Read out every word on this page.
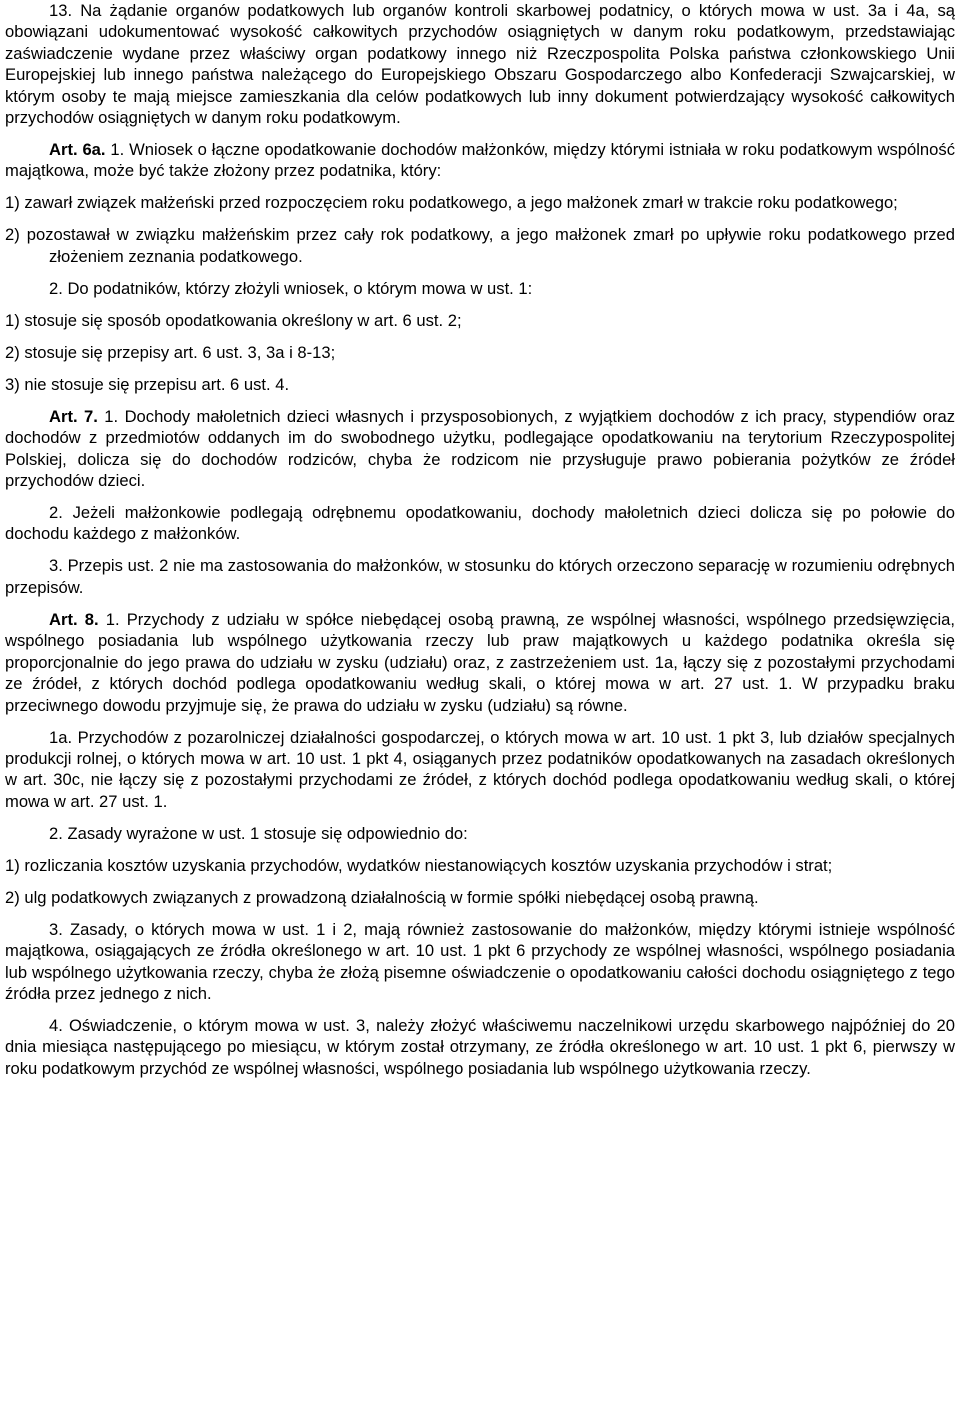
13. Na żądanie organów podatkowych lub organów kontroli skarbowej podatnicy, o których mowa w ust. 3a i 4a, są obowiązani udokumentować wysokość całkowitych przychodów osiągniętych w danym roku podatkowym, przedstawiając zaświadczenie wydane przez właściwy organ podatkowy innego niż Rzeczpospolita Polska państwa członkowskiego Unii Europejskiej lub innego państwa należącego do Europejskiego Obszaru Gospodarczego albo Konfederacji Szwajcarskiej, w którym osoby te mają miejsce zamieszkania dla celów podatkowych lub inny dokument potwierdzający wysokość całkowitych przychodów osiągniętych w danym roku podatkowym.

Art. 6a. 1. Wniosek o łączne opodatkowanie dochodów małżonków, między którymi istniała w roku podatkowym wspólność majątkowa, może być także złożony przez podatnika, który:

1) zawarł związek małżeński przed rozpoczęciem roku podatkowego, a jego małżonek zmarł w trakcie roku podatkowego;

2) pozostawał w związku małżeńskim przez cały rok podatkowy, a jego małżonek zmarł po upływie roku podatkowego przed złożeniem zeznania podatkowego.

2. Do podatników, którzy złożyli wniosek, o którym mowa w ust. 1:

1) stosuje się sposób opodatkowania określony w art. 6 ust. 2;

2) stosuje się przepisy art. 6 ust. 3, 3a i 8-13;

3) nie stosuje się przepisu art. 6 ust. 4.

Art. 7. 1. Dochody małoletnich dzieci własnych i przysposobionych, z wyjątkiem dochodów z ich pracy, stypendiów oraz dochodów z przedmiotów oddanych im do swobodnego użytku, podlegające opodatkowaniu na terytorium Rzeczypospolitej Polskiej, dolicza się do dochodów rodziców, chyba że rodzicom nie przysługuje prawo pobierania pożytków ze źródeł przychodów dzieci.

2. Jeżeli małżonkowie podlegają odrębnemu opodatkowaniu, dochody małoletnich dzieci dolicza się po połowie do dochodu każdego z małżonków.

3. Przepis ust. 2 nie ma zastosowania do małżonków, w stosunku do których orzeczono separację w rozumieniu odrębnych przepisów.

Art. 8. 1. Przychody z udziału w spółce niebędącej osobą prawną, ze wspólnej własności, wspólnego przedsięwzięcia, wspólnego posiadania lub wspólnego użytkowania rzeczy lub praw majątkowych u każdego podatnika określa się proporcjonalnie do jego prawa do udziału w zysku (udziału) oraz, z zastrzeżeniem ust. 1a, łączy się z pozostałymi przychodami ze źródeł, z których dochód podlega opodatkowaniu według skali, o której mowa w art. 27 ust. 1. W przypadku braku przeciwnego dowodu przyjmuje się, że prawa do udziału w zysku (udziału) są równe.

1a. Przychodów z pozarolniczej działalności gospodarczej, o których mowa w art. 10 ust. 1 pkt 3, lub działów specjalnych produkcji rolnej, o których mowa w art. 10 ust. 1 pkt 4, osiąganych przez podatników opodatkowanych na zasadach określonych w art. 30c, nie łączy się z pozostałymi przychodami ze źródeł, z których dochód podlega opodatkowaniu według skali, o której mowa w art. 27 ust. 1.

2. Zasady wyrażone w ust. 1 stosuje się odpowiednio do:

1) rozliczania kosztów uzyskania przychodów, wydatków niestanowiących kosztów uzyskania przychodów i strat;

2) ulg podatkowych związanych z prowadzoną działalnością w formie spółki niebędącej osobą prawną.

3. Zasady, o których mowa w ust. 1 i 2, mają również zastosowanie do małżonków, między którymi istnieje wspólność majątkowa, osiągających ze źródła określonego w art. 10 ust. 1 pkt 6 przychody ze wspólnej własności, wspólnego posiadania lub wspólnego użytkowania rzeczy, chyba że złożą pisemne oświadczenie o opodatkowaniu całości dochodu osiągniętego z tego źródła przez jednego z nich.

4. Oświadczenie, o którym mowa w ust. 3, należy złożyć właściwemu naczelnikowi urzędu skarbowego najpóźniej do 20 dnia miesiąca następującego po miesiącu, w którym został otrzymany, ze źródła określonego w art. 10 ust. 1 pkt 6, pierwszy w roku podatkowym przychód ze wspólnej własności, wspólnego posiadania lub wspólnego użytkowania rzeczy.
